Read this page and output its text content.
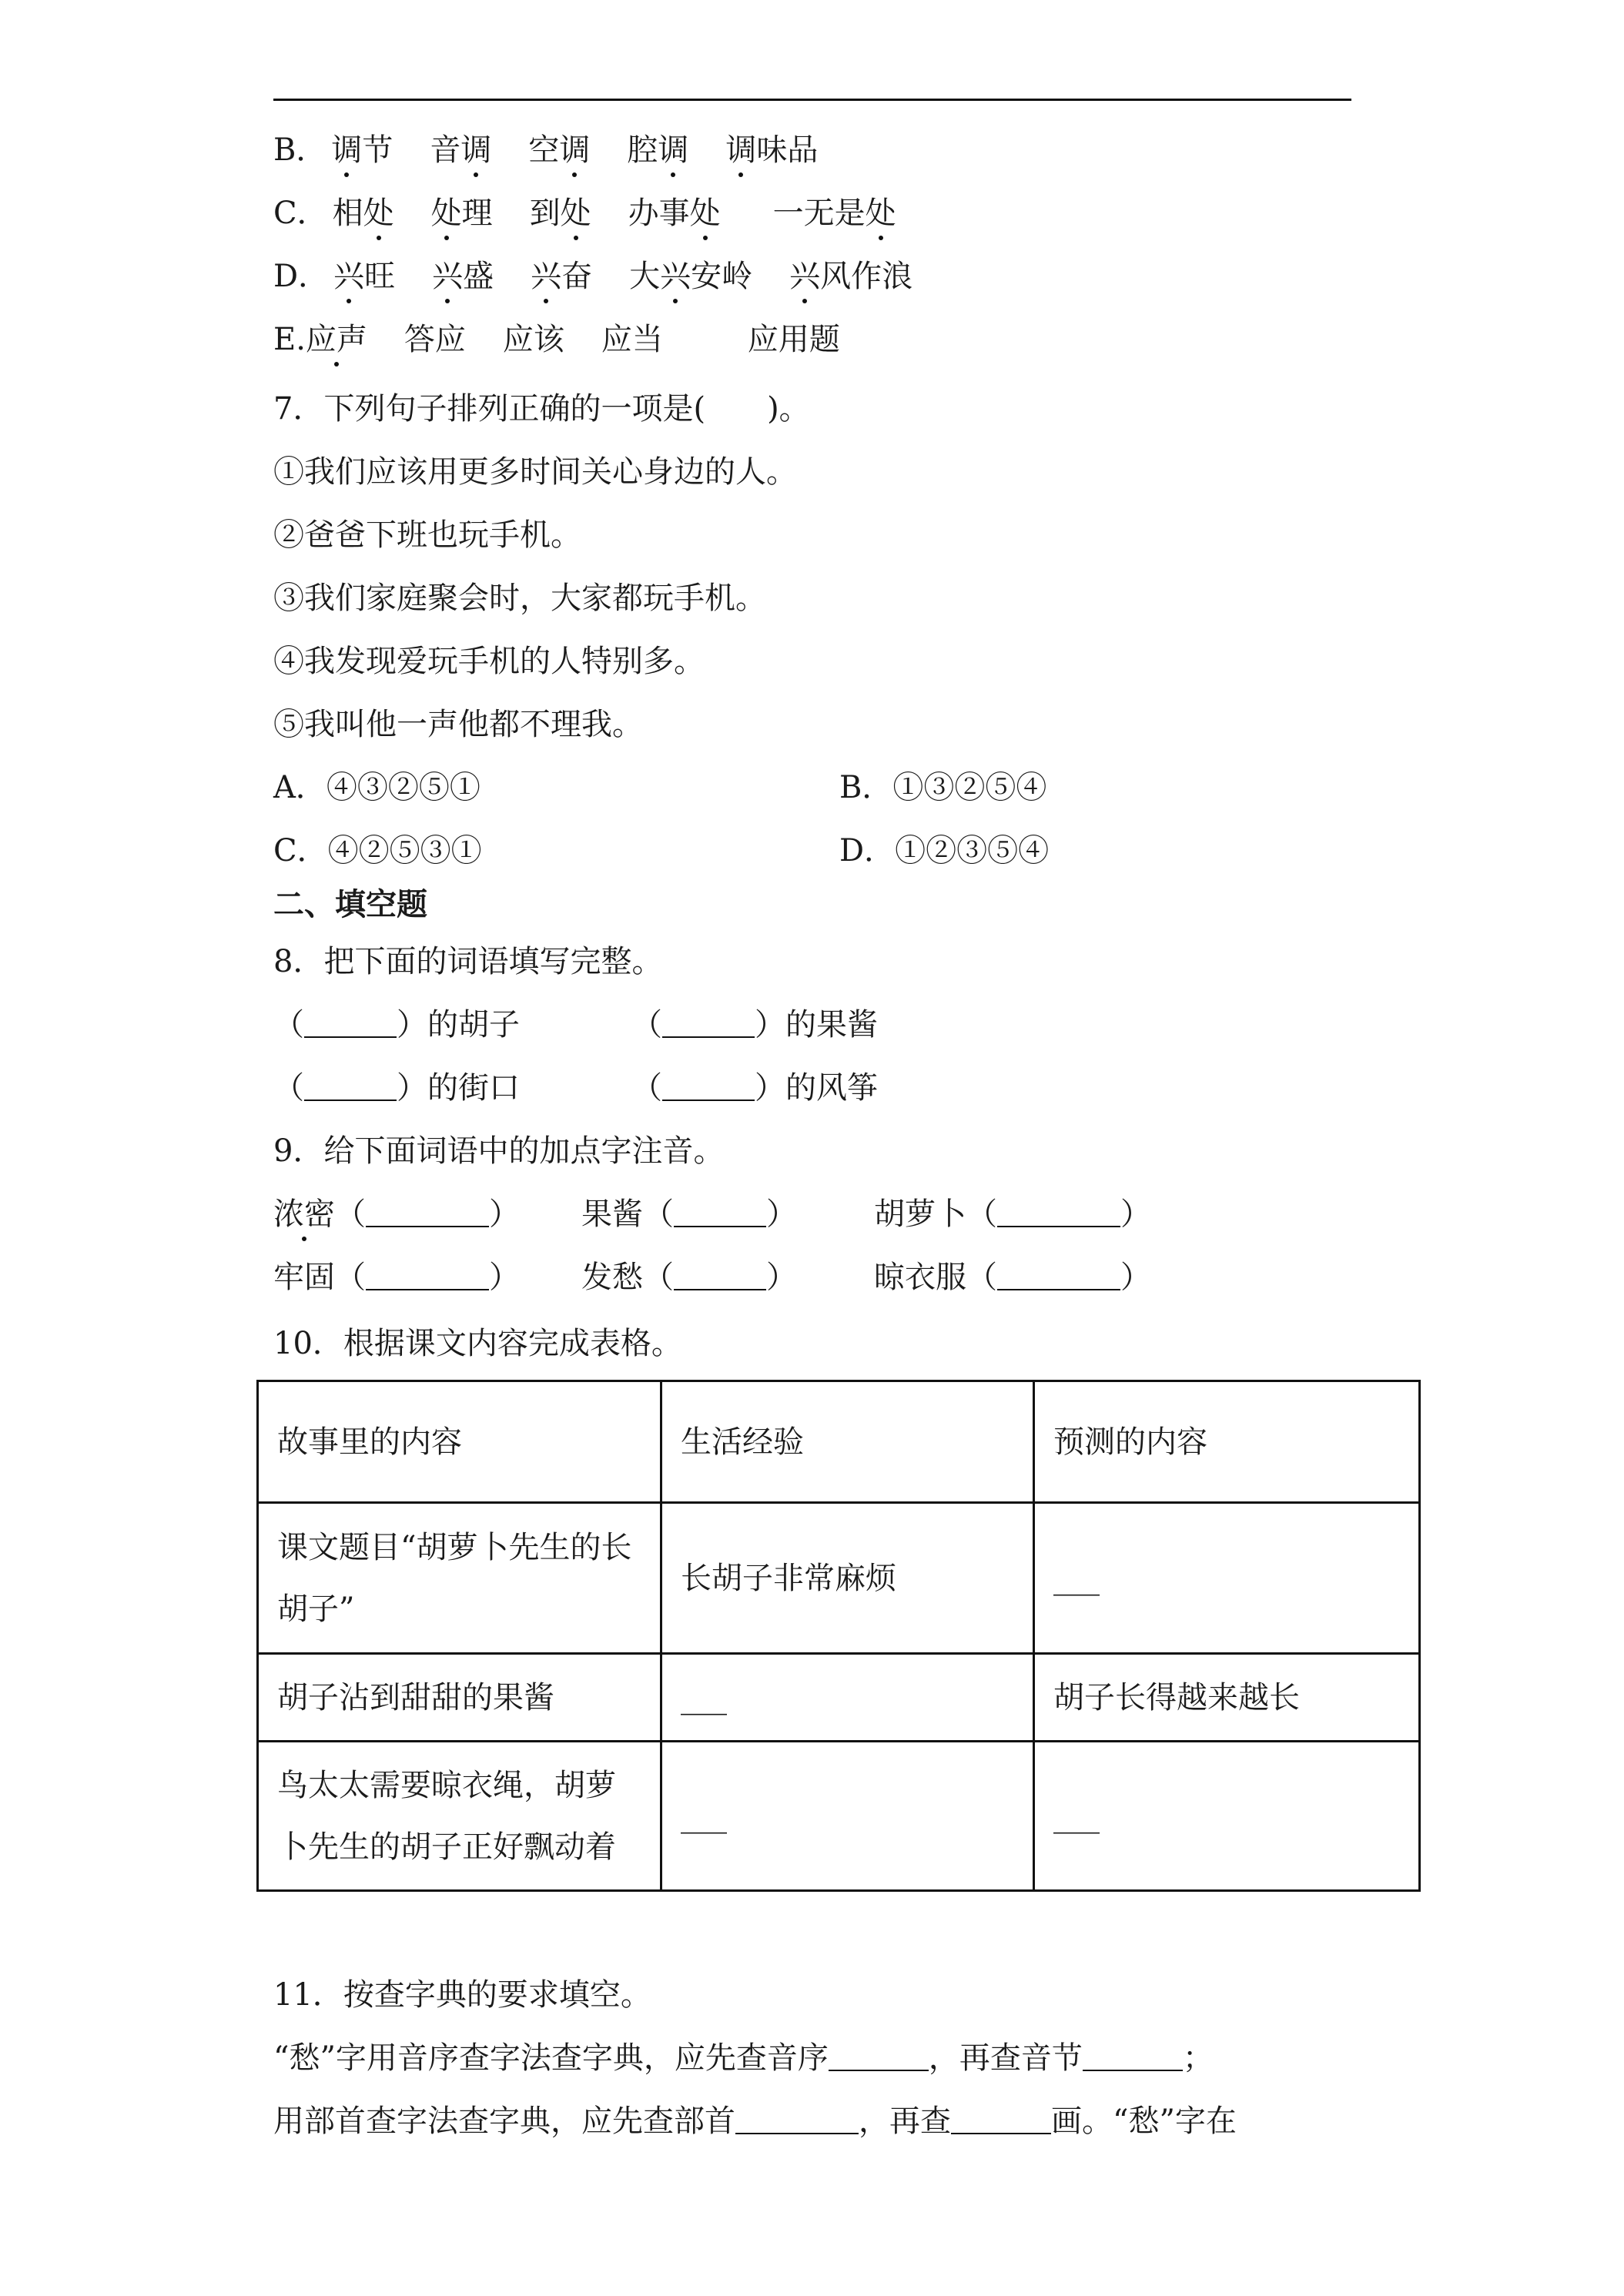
B． 调节 音调 空调 腔调 调味品
C． 相处 处理 到处 办事处 一无是处
D． 兴旺 兴盛 兴奋 大兴安岭 兴风作浪
E.应声 答应 应该 应当	应用题
7．下列句子排列正确的一项是( )。
①我们应该用更多时间关心身边的人。
②爸爸下班也玩手机。
③我们家庭聚会时，大家都玩手机。
④我发现爱玩手机的人特别多。
⑤我叫他一声他都不理我。
A．④③②⑤①	B．①③②⑤④
C．④②⑤③①	D．①②③⑤④
二、填空题
8．把下面的词语填写完整。
（	）的胡子	（	）的果酱
（	）的街口	（	）的风筝
9．给下面词语中的加点字注音。
浓密（	） 果酱（	）	胡萝卜（	）
牢固（	） 发愁（	）	晾衣服（	）
10．根据课文内容完成表格。
故事里的内容	生活经验	预测的内容
课文题目“胡萝卜先生的长胡子”	长胡子非常麻烦	___
胡子沾到甜甜的果酱	___	胡子长得越来越长
鸟太太需要晾衣绳，胡萝卜先生的胡子正好飘动着	___	___
11．按查字典的要求填空。
“愁”字用音序查字法查字典，应先查音序	，再查音节	；
用部首查字法查字典，应先查部首	，再查	画。“愁”字在
